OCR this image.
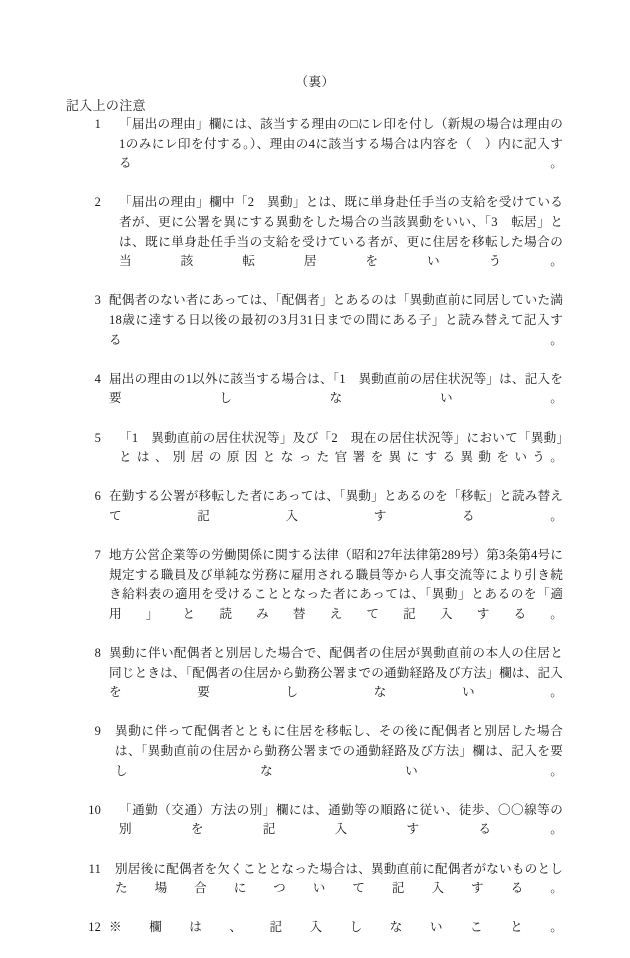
（裏）
記入上の注意
1	「届出の理由」欄には、該当する理由の□にレ印を付し（新規の場合は理由の1のみにレ印を付する。）、理由の4に該当する場合は内容を（　）内に記入する。
2	「届出の理由」欄中「2　異動」とは、既に単身赴任手当の支給を受けている者が、更に公署を異にする異動をした場合の当該異動をいい、「3　転居」とは、既に単身赴任手当の支給を受けている者が、更に住居を移転した場合の当該転居をいう。
3 配偶者のない者にあっては、「配偶者」とあるのは「異動直前に同居していた満18歳に達する日以後の最初の3月31日までの間にある子」と読み替えて記入する。
4 届出の理由の1以外に該当する場合は、「1　異動直前の居住状況等」は、記入を要しない。
5	「1　異動直前の居住状況等」及び「2　現在の居住状況等」において「異動」とは、別居の原因となった官署を異にする異動をいう。
6 在勤する公署が移転した者にあっては、「異動」とあるのを「移転」と読み替えて記入する。
7 地方公営企業等の労働関係に関する法律（昭和27年法律第289号）第3条第4号に規定する職員及び単純な労務に雇用される職員等から人事交流等により引き続き給料表の適用を受けることとなった者にあっては、「異動」とあるのを「適用」と読み替えて記入する。
8 異動に伴い配偶者と別居した場合で、配偶者の住居が異動直前の本人の住居と同じときは、「配偶者の住居から勤務公署までの通勤経路及び方法」欄は、記入を要しない。
9	異動に伴って配偶者とともに住居を移転し、その後に配偶者と別居した場合は、「異動直前の住居から勤務公署までの通勤経路及び方法」欄は、記入を要しない。
10	「通勤（交通）方法の別」欄には、通勤等の順路に従い、徒歩、〇〇線等の別を記入する。
11	別居後に配偶者を欠くこととなった場合は、異動直前に配偶者がないものとした場合について記入する。
12 ※欄は、記入しないこと。
